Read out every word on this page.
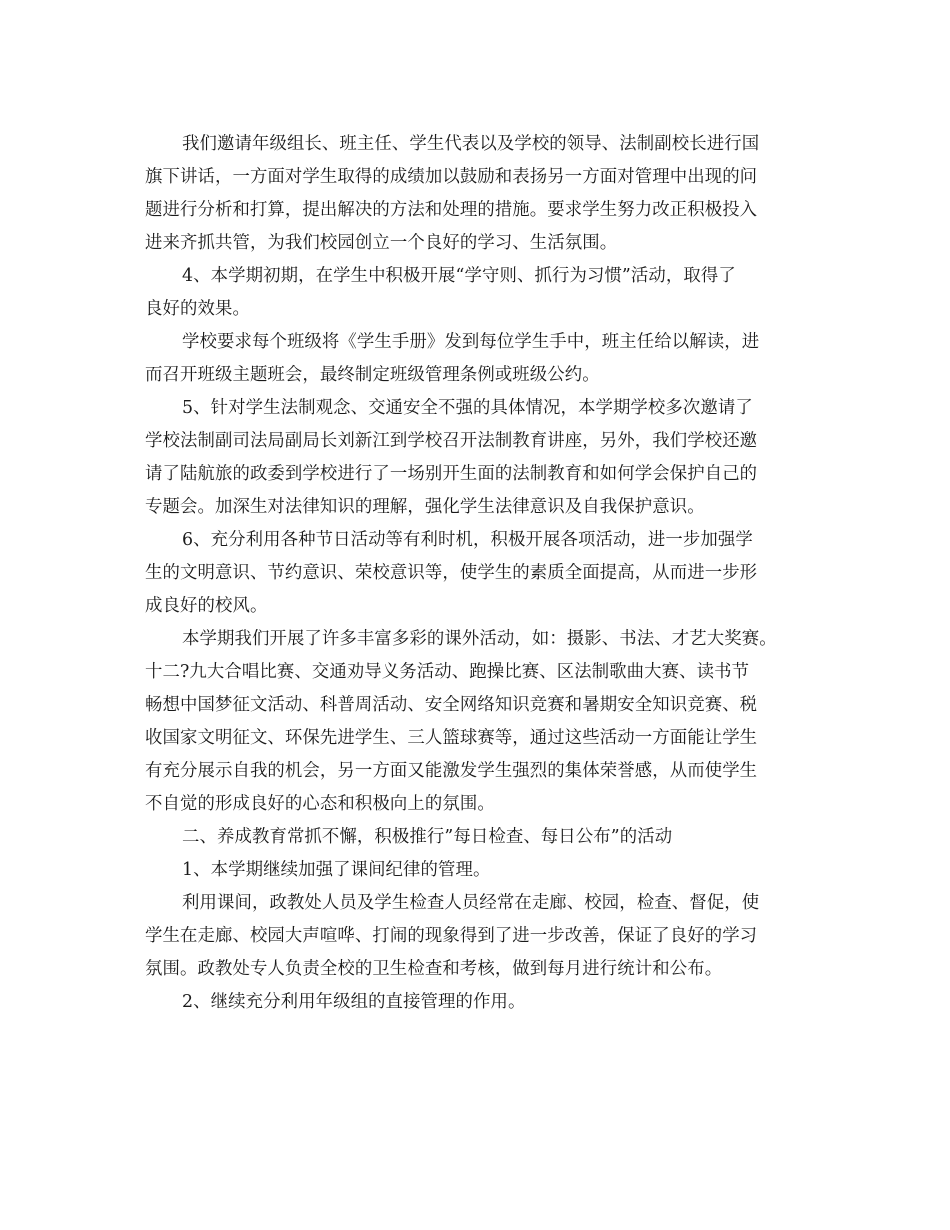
我们邀请年级组长、班主任、学生代表以及学校的领导、法制副校长进行国
旗下讲话，一方面对学生取得的成绩加以鼓励和表扬另一方面对管理中出现的问
题进行分析和打算，提出解决的方法和处理的措施。要求学生努力改正积极投入
进来齐抓共管，为我们校园创立一个良好的学习、生活氛围。
4、本学期初期，在学生中积极开展“学守则、抓行为习惯”活动，取得了
良好的效果。
学校要求每个班级将《学生手册》发到每位学生手中，班主任给以解读，进
而召开班级主题班会，最终制定班级管理条例或班级公约。
5、针对学生法制观念、交通安全不强的具体情况，本学期学校多次邀请了
学校法制副司法局副局长刘新江到学校召开法制教育讲座，另外，我们学校还邀
请了陆航旅的政委到学校进行了一场别开生面的法制教育和如何学会保护自己的
专题会。加深生对法律知识的理解，强化学生法律意识及自我保护意识。
6、充分利用各种节日活动等有利时机，积极开展各项活动，进一步加强学
生的文明意识、节约意识、荣校意识等，使学生的素质全面提高，从而进一步形
成良好的校风。
本学期我们开展了许多丰富多彩的课外活动，如：摄影、书法、才艺大奖赛。
十二?九大合唱比赛、交通劝导义务活动、跑操比赛、区法制歌曲大赛、读书节
畅想中国梦征文活动、科普周活动、安全网络知识竞赛和暑期安全知识竞赛、税
收国家文明征文、环保先进学生、三人篮球赛等，通过这些活动一方面能让学生
有充分展示自我的机会，另一方面又能激发学生强烈的集体荣誉感，从而使学生
不自觉的形成良好的心态和积极向上的氛围。
二、养成教育常抓不懈，积极推行”每日检查、每日公布”的活动
1、本学期继续加强了课间纪律的管理。
利用课间，政教处人员及学生检查人员经常在走廊、校园，检查、督促，使
学生在走廊、校园大声喧哗、打闹的现象得到了进一步改善，保证了良好的学习
氛围。政教处专人负责全校的卫生检查和考核，做到每月进行统计和公布。
2、继续充分利用年级组的直接管理的作用。
